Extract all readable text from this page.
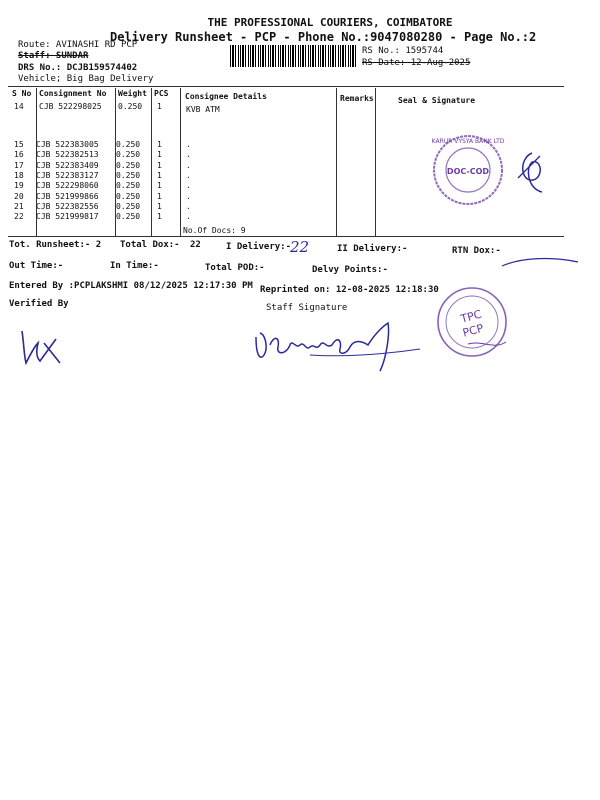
THE PROFESSIONAL COURIERS, COIMBATORE
Delivery Runsheet - PCP - Phone No.:9047080280 - Page No.:2
Route: AVINASHI RD PCP
Staff: SUNDAR
DRS No.: DCJB159574402
Vehicle; Big Bag Delivery
RS No.: 1595744
RS Date: 12-Aug-2025
S No Consignment No Weight PCS Consignee Details	Remarks	Seal & Signature
14 CJB 522298025 0.250 1	KVB ATM
15 CJB 522383005 0.250 1	.
16 CJB 522382513 0.250 1	.
17 CJB 522383409 0.250 1	.
18 CJB 522383127 0.250 1	.
19 CJB 522298060 0.250 1	.
20 CJB 521999866 0.250 1	.
21 CJB 522382556 0.250 1	.
22 CJB 521999817 0.250 1	.
No.Of Docs: 9
Tot. Runsheet:- 2 Total Dox:- 22	I Delivery:-
22	II Delivery:-	RTN Dox:-
Out Time:-	In Time:-	Total POD:-	Delvy Points:-
Entered By :PCPLAKSHMI 08/12/2025 12:17:30 PM Reprinted on: 12-08-2025 12:18:30
Verified By	Staff Signature
KARUR VYSYA BANK LTD
DOC-COD
TPC
PCP
